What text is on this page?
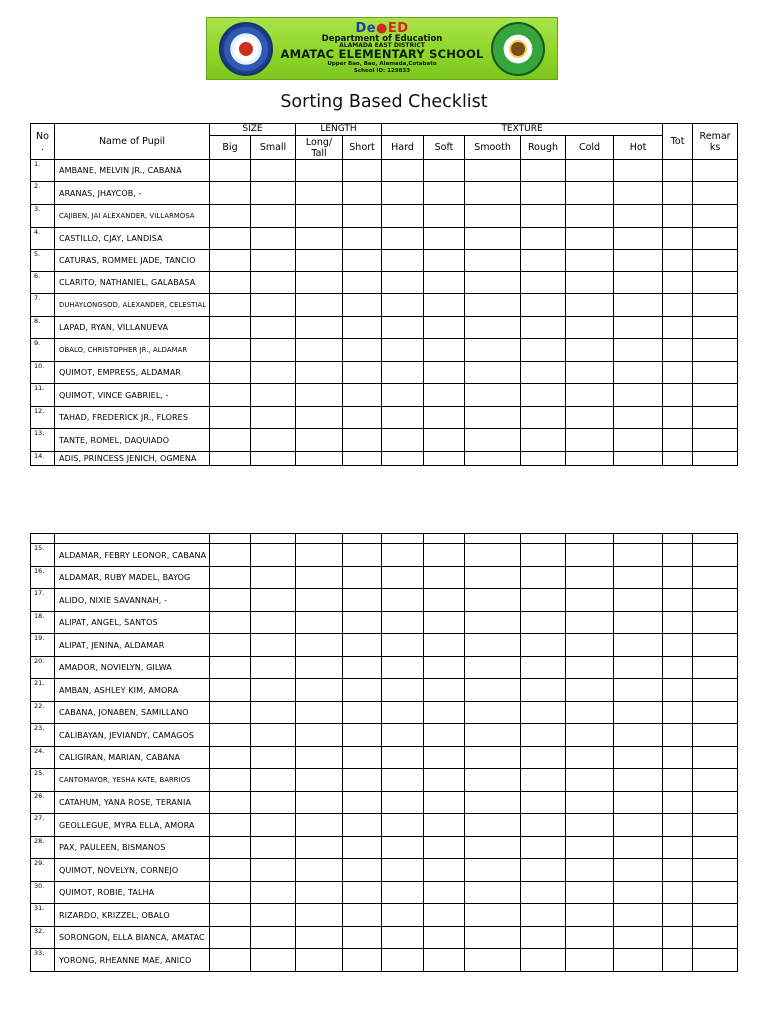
De●ED
Department of Education
ALAMADA EAST DISTRICT
AMATAC ELEMENTARY SCHOOL
Upper Bao, Bao, Alamada,Cotabato
School ID: 129833
Sorting Based Checklist
No
.	Name of Pupil	SIZE		LENGTH		TEXTURE						Tot	Remar
ks
		Big	Small	Long/
Tall	Short	Hard	Soft	Smooth	Rough	Cold	Hot		
1.	AMBANE, MELVIN JR., CABANA												
2.	ARANAS, JHAYCOB, -												
3.	CAJIBEN, JAI ALEXANDER, VILLARMOSA												
4.	CASTILLO, CJAY, LANDISA												
5.	CATURAS, ROMMEL JADE, TANCIO												
6.	CLARITO, NATHANIEL, GALABASA												
7.	DUHAYLONGSOD, ALEXANDER, CELESTIAL												
8.	LAPAD, RYAN, VILLANUEVA												
9.	OBALO, CHRISTOPHER JR., ALDAMAR												
10.	QUIMOT, EMPRESS, ALDAMAR												
11.	QUIMOT, VINCE GABRIEL, -												
12.	TAHAD, FREDERICK JR., FLORES												
13.	TANTE, ROMEL, DAQUIADO												
14.	ADIS, PRINCESS JENICH, OGMENA												

15.	ALDAMAR, FEBRY LEONOR, CABANA												
16.	ALDAMAR, RUBY MADEL, BAYOG												
17.	ALIDO, NIXIE SAVANNAH, -												
18.	ALIPAT, ANGEL, SANTOS												
19.	ALIPAT, JENINA, ALDAMAR												
20.	AMADOR, NOVIELYN, GILWA												
21.	AMBAN, ASHLEY KIM, AMORA												
22.	CABANA, JONABEN, SAMILLANO												
23.	CALIBAYAN, JEVIANDY, CAMAGOS												
24.	CALIGIRAN, MARIAN, CABANA												
25.	CANTOMAYOR, YESHA KATE, BARRIOS												
26.	CATAHUM, YANA ROSE, TERANIA												
27.	GEOLLEGUE, MYRA ELLA, AMORA												
28.	PAX, PAULEEN, BISMANOS												
29.	QUIMOT, NOVELYN, CORNEJO												
30.	QUIMOT, ROBIE, TALHA												
31.	RIZARDO, KRIZZEL, OBALO												
32.	SORONGON, ELLA BIANCA, AMATAC												
33.	YORONG, RHEANNE MAE, ANICO												
